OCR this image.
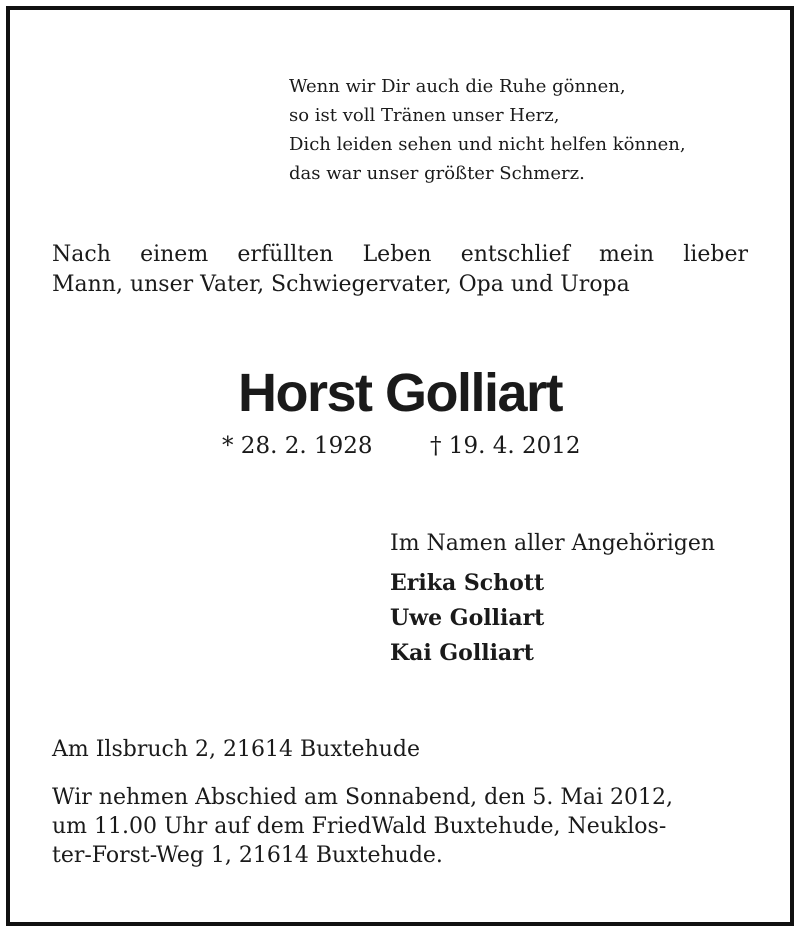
Wenn wir Dir auch die Ruhe gönnen,
so ist voll Tränen unser Herz,
Dich leiden sehen und nicht helfen können,
das war unser größter Schmerz.
Nach einem erfüllten Leben entschlief mein lieber
Mann, unser Vater, Schwiegervater, Opa und Uropa
Horst Golliart
* 28. 2. 1928	† 19. 4. 2012
Im Namen aller Angehörigen
Erika Schott
Uwe Golliart
Kai Golliart
Am Ilsbruch 2, 21614 Buxtehude
Wir nehmen Abschied am Sonnabend, den 5. Mai 2012,
um 11.00 Uhr auf dem FriedWald Buxtehude, Neuklos-
ter-Forst-Weg 1, 21614 Buxtehude.
